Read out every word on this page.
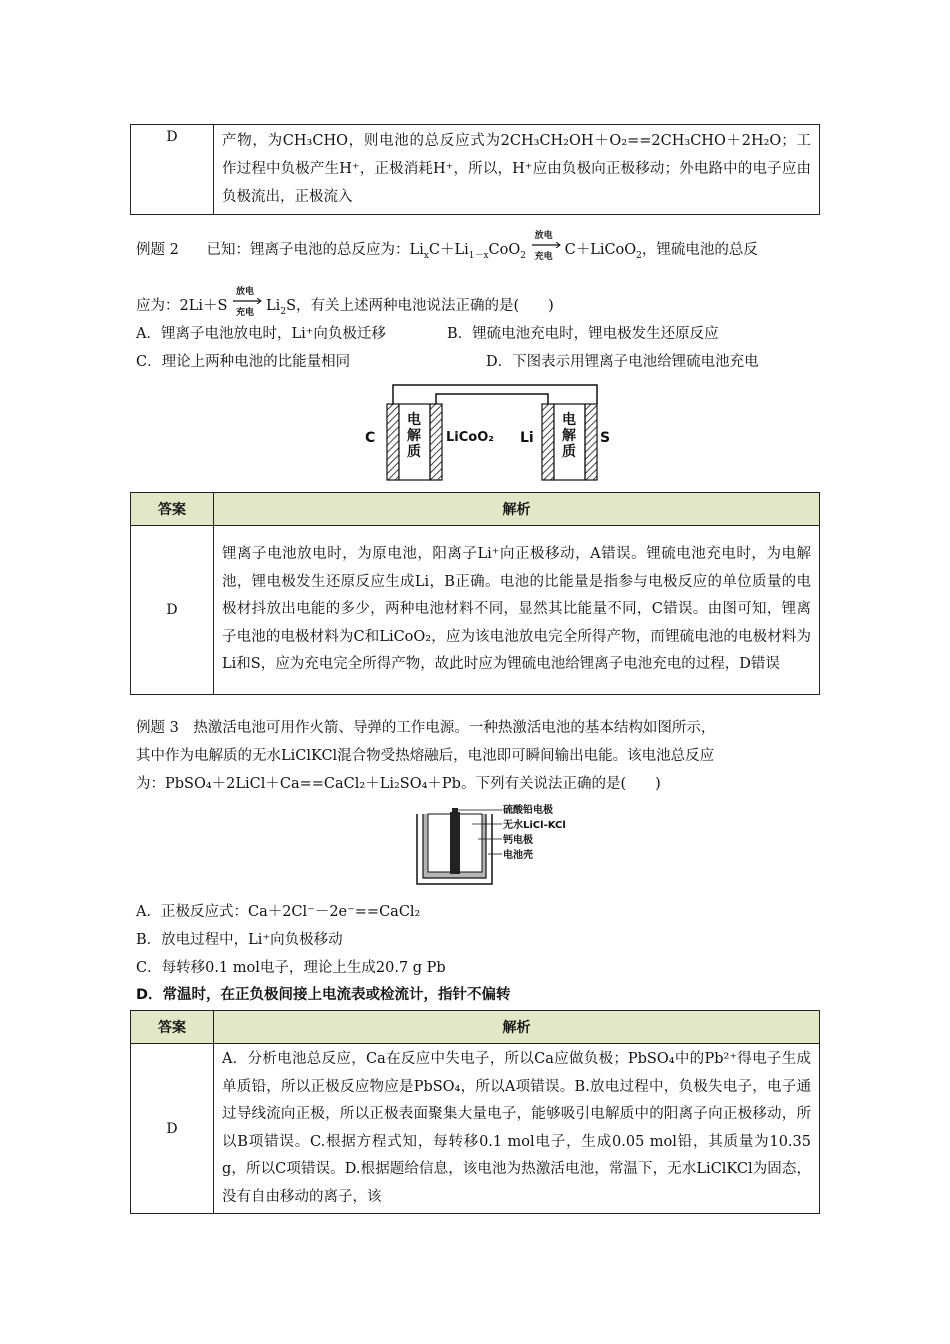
D	产物，为CH₃CHO，则电池的总反应式为2CH₃CH₂OH＋O₂==2CH₃CHO＋2H₂O；工作过程中负极产生H⁺，正极消耗H⁺，所以，H⁺应由负极向正极移动；外电路中的电子应由负极流出，正极流入
例题 2 已知：锂离子电池的总反应为：$Li_xC+Li_{1-x}CoO_2$
放电
充电 C＋LiCoO$_2$，锂硫电池的总反
应为：2Li＋S
放电
充电 $Li_2S$，有关上述两种电池说法正确的是(　　)
A．锂离子电池放电时，Li⁺向负极迁移	B．锂硫电池充电时，锂电极发生还原反应
C．理论上两种电池的比能量相同	D．下图表示用锂离子电池给锂硫电池充电
C
电解质
LiCoO₂ Li
电解质
S
答案	解析
D	锂离子电池放电时，为原电池，阳离子Li⁺向正极移动，A错误。锂硫电池充电时，为电解池，锂电极发生还原反应生成Li，B正确。电池的比能量是指参与电极反应的单位质量的电极材抖放出电能的多少，两种电池材料不同，显然其比能量不同，C错误。由图可知，锂离子电池的电极材料为C和LiCoO₂，应为该电池放电完全所得产物，而锂硫电池的电极材料为Li和S，应为充电完全所得产物，故此时应为锂硫电池给锂离子电池充电的过程，D错误
例题 3　热激活电池可用作火箭、导弹的工作电源。一种热激活电池的基本结构如图所示，
其中作为电解质的无水LiClKCl混合物受热熔融后，电池即可瞬间输出电能。该电池总反应
为：PbSO₄＋2LiCl＋Ca==CaCl₂＋Li₂SO₄＋Pb。下列有关说法正确的是(　　)
硫酸铅电极
无水LiCl-KCl
钙电极
电池壳
A．正极反应式：Ca＋2Cl⁻－2e⁻==CaCl₂
B．放电过程中，Li⁺向负极移动
C．每转移0.1 mol电子，理论上生成20.7 g Pb
D．常温时，在正负极间接上电流表或检流计，指针不偏转
答案	解析
D	A．分析电池总反应，Ca在反应中失电子，所以Ca应做负极；PbSO₄中的Pb²⁺得电子生成单质铅，所以正极反应物应是PbSO₄，所以A项错误。B.放电过程中，负极失电子，电子通过导线流向正极，所以正极表面聚集大量电子，能够吸引电解质中的阳离子向正极移动，所以B项错误。C.根据方程式知，每转移0.1 mol电子，生成0.05 mol铅，其质量为10.35 g，所以C项错误。D.根据题给信息，该电池为热激活电池，常温下，无水LiClKCl为固态，没有自由移动的离子，该
